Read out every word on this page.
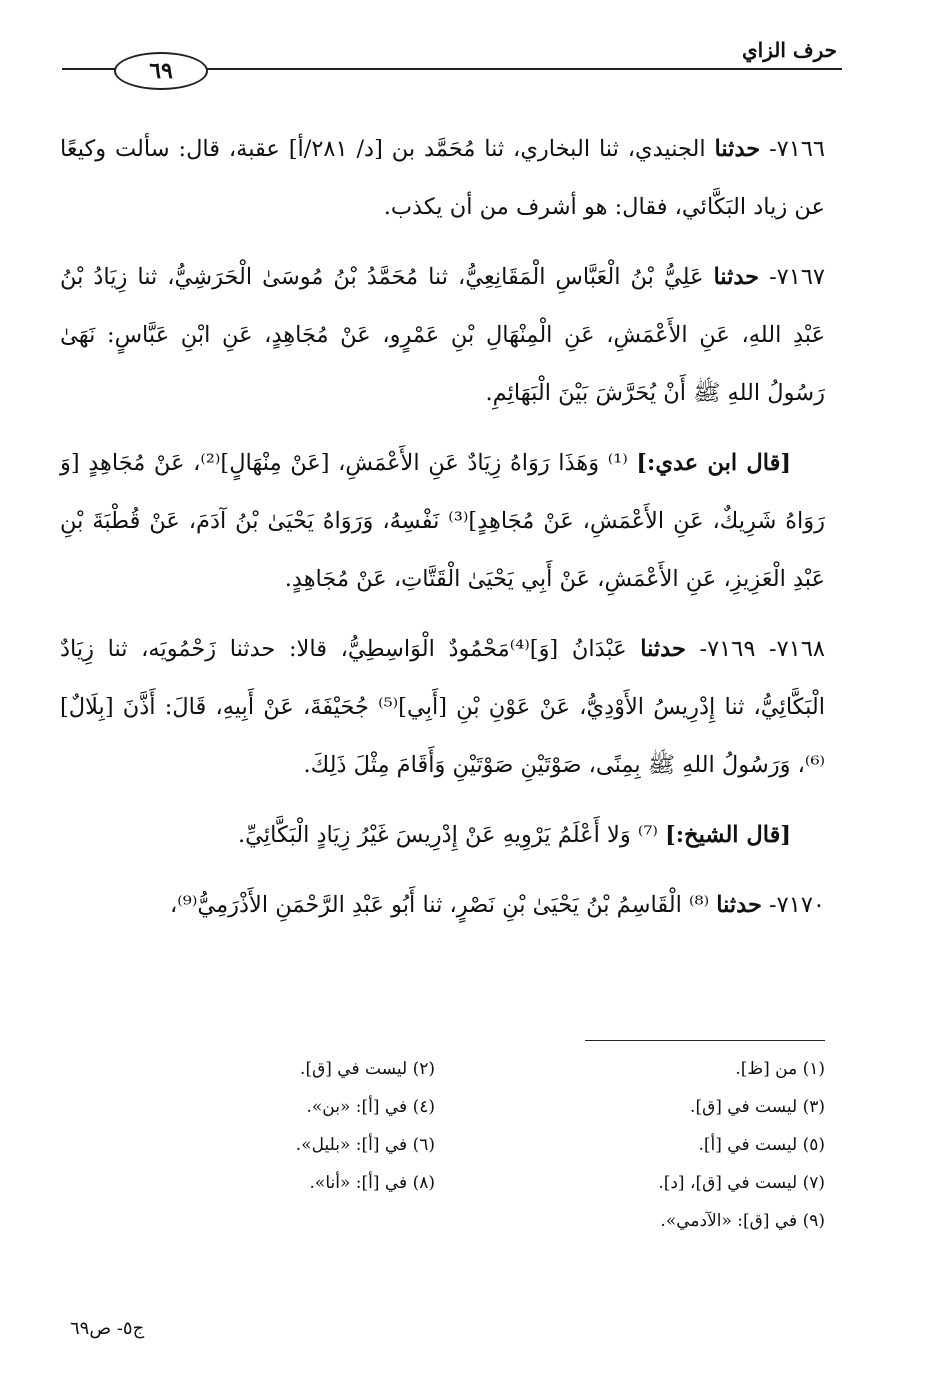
حرف الزاي
٦٩

٧١٦٦- حدثنا الجنيدي، ثنا البخاري، ثنا مُحَمَّد بن [د/ ٢٨١/أ] عقبة، قال: سألت وكيعًا عن زياد البَكَّائي، فقال: هو أشرف من أن يكذب.

٧١٦٧- حدثنا عَلِيُّ بْنُ الْعَبَّاسِ الْمَقَانِعِيُّ، ثنا مُحَمَّدُ بْنُ مُوسَىٰ الْحَرَشِيُّ، ثنا زِيَادُ بْنُ عَبْدِ اللهِ، عَنِ الأَعْمَشِ، عَنِ الْمِنْهَالِ بْنِ عَمْرٍو، عَنْ مُجَاهِدٍ، عَنِ ابْنِ عَبَّاسٍ: نَهَىٰ رَسُولُ اللهِ ﷺ أَنْ يُحَرَّشَ بَيْنَ الْبَهَائِمِ.

[قال ابن عدي:] ⁽¹⁾ وَهَذَا رَوَاهُ زِيَادٌ عَنِ الأَعْمَشِ، [عَنْ مِنْهَالٍ]⁽²⁾، عَنْ مُجَاهِدٍ [وَ رَوَاهُ شَرِيكٌ، عَنِ الأَعْمَشِ، عَنْ مُجَاهِدٍ]⁽³⁾ نَفْسِهُ، وَرَوَاهُ يَحْيَىٰ بْنُ آدَمَ، عَنْ قُطْبَةَ بْنِ عَبْدِ الْعَزِيزِ، عَنِ الأَعْمَشِ، عَنْ أَبِي يَحْيَىٰ الْقَتَّاتِ، عَنْ مُجَاهِدٍ.

٧١٦٨- ٧١٦٩- حدثنا عَبْدَانُ [وَ]⁽⁴⁾مَحْمُودٌ الْوَاسِطِيُّ، قالا: حدثنا زَحْمُويَه، ثنا زِيَادٌ الْبَكَّائِيُّ، ثنا إِدْرِيسُ الأَوْدِيُّ، عَنْ عَوْنِ بْنِ [أَبِي]⁽⁵⁾ جُحَيْفَةَ، عَنْ أَبِيهِ، قَالَ: أَذَّنَ [بِلَالٌ]⁽⁶⁾، وَرَسُولُ اللهِ ﷺ بِمِنًى، صَوْتَيْنِ صَوْتَيْنِ وَأَقَامَ مِثْلَ ذَلِكَ.

[قال الشيخ:] ⁽⁷⁾ وَلا أَعْلَمُ يَرْوِيهِ عَنْ إِدْرِيسَ غَيْرُ زِيَادٍ الْبَكَّائِيِّ.

٧١٧٠- حدثنا ⁽⁸⁾ الْقَاسِمُ بْنُ يَحْيَىٰ بْنِ نَصْرٍ، ثنا أَبُو عَبْدِ الرَّحْمَنِ الأَذْرَمِيُّ⁽⁹⁾،

(١) من [ظ].
(٢) ليست في [ق].
(٣) ليست في [ق].
(٤) في [أ]: «بن».
(٥) ليست في [أ].
(٦) في [أ]: «بليل».
(٧) ليست في [ق]، [د].
(٨) في [أ]: «أنا».
(٩) في [ق]: «الآدمي».
ج٥- ص٦٩
